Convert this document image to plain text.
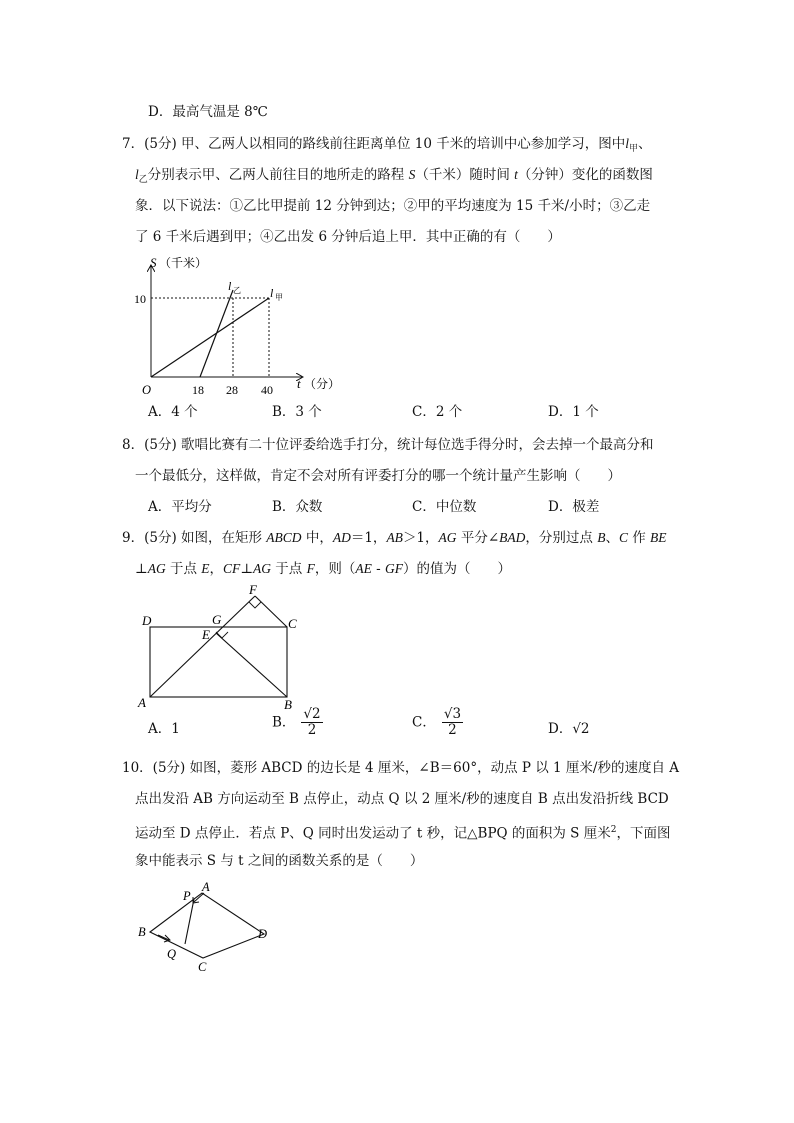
D．最高气温是 8℃
7．(5分) 甲、乙两人以相同的路线前往距离单位 10 千米的培训中心参加学习，图中$l_甲$、
$l_乙$分别表示甲、乙两人前往目的地所走的路程 S（千米）随时间 t（分钟）变化的函数图
象．以下说法：①乙比甲提前 12 分钟到达；②甲的平均速度为 15 千米/小时；③乙走
了 6 千米后遇到甲；④乙出发 6 分钟后追上甲．其中正确的有（　　）
S （千米）
t （分）
O
10
18 28 40
l 乙 l 甲
A．4 个	B．3 个	C．2 个	D．1 个
8．(5分) 歌唱比赛有二十位评委给选手打分，统计每位选手得分时，会去掉一个最高分和
一个最低分，这样做，肯定不会对所有评委打分的哪一个统计量产生影响（　　）
A．平均分	B．众数	C．中位数	D．极差
9．(5分) 如图，在矩形 ABCD 中，AD＝1，AB＞1，AG 平分∠BAD，分别过点 B、C 作 BE
⊥AG 于点 E，CF⊥AG 于点 F，则（AE - GF）的值为（　　）
A	B
C
D
E
F
G
A．1	B． $\frac{√2}{2}$	C． $\frac{√3}{2}$	D．√2
10．(5分) 如图，菱形 ABCD 的边长是 4 厘米，∠B＝60°，动点 P 以 1 厘米/秒的速度自 A
点出发沿 AB 方向运动至 B 点停止，动点 Q 以 2 厘米/秒的速度自 B 点出发沿折线 BCD
运动至 D 点停止．若点 P、Q 同时出发运动了 t 秒，记△BPQ 的面积为 S 厘米$^2$，下面图
象中能表示 S 与 t 之间的函数关系的是（　　）
A
B
C
D
P
Q
